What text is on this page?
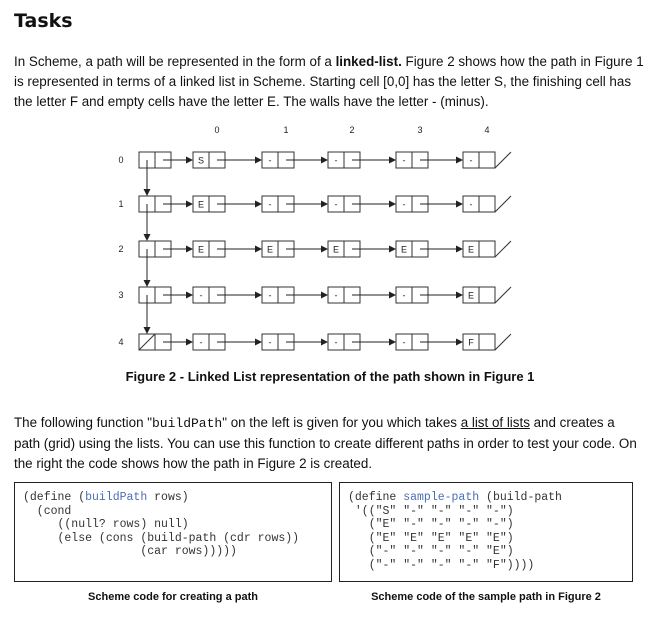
Tasks
In Scheme, a path will be represented in the form of a linked-list. Figure 2 shows how the path in Figure 1 is represented in terms of a linked list in Scheme. Starting cell [0,0] has the letter S, the finishing cell has the letter F and empty cells have the letter E. The walls have the letter - (minus).
0	1	2	3	4
0	S	-	-	-	-
1	E	-	-	-	-
2	E	E	E	E	E
3	-	-	-	-	E
4	-	-	-	-	F
Figure 2 - Linked List representation of the path shown in Figure 1
The following function "buildPath" on the left is given for you which takes a list of lists and creates a path (grid) using the lists. You can use this function to create different paths in order to test your code. On the right the code shows how the path in Figure 2 is created.
(define (buildPath rows)
(cond
((null? rows) null)
(else (cons (build-path (cdr rows))
(car rows)))))
(define sample-path (build-path
'(("S" "-" "-" "-" "-")
("E" "-" "-" "-" "-")
("E" "E" "E" "E" "E")
("-" "-" "-" "-" "E")
("-" "-" "-" "-" "F"))))
Scheme code for creating a path	Scheme code of the sample path in Figure 2
